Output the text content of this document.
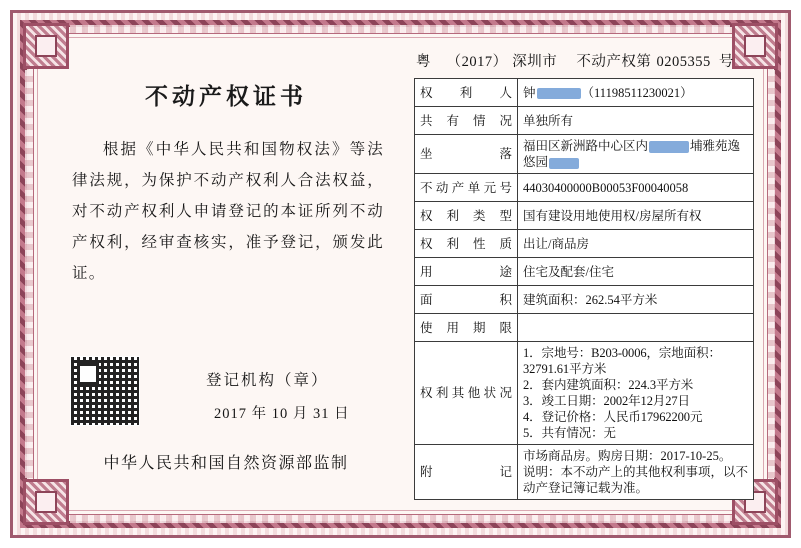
不动产权证书
根据《中华人民共和国物权法》等法律法规，为保护不动产权利人合法权益，对不动产权利人申请登记的本证所列不动产权利，经审查核实，准予登记，颁发此证。
登记机构（章）
2017 年 10 月 31 日
中华人民共和国自然资源部监制
粤 （2017） 深圳市 不动产权第 0205355 号
权利人	钟 （11198511230021）
共有情况	单独所有
坐 落	福田区新洲路中心区内 埔雅苑逸悠园
不动产单元号	44030400000B00053F00040058
权利类型	国有建设用地使用权/房屋所有权
权利性质	出让/商品房
用 途	住宅及配套/住宅
面 积	建筑面积：262.54平方米
使用期限	
权利其他状况	1．宗地号：B203-0006，宗地面积：32791.61平方米
2．套内建筑面积：224.3平方米
3．竣工日期：2002年12月27日
4．登记价格：人民币17962200元
5．共有情况：无

附 记	市场商品房。购房日期：2017-10-25。
说明：本不动产上的其他权利事项，以不动产登记簿记载为准。
